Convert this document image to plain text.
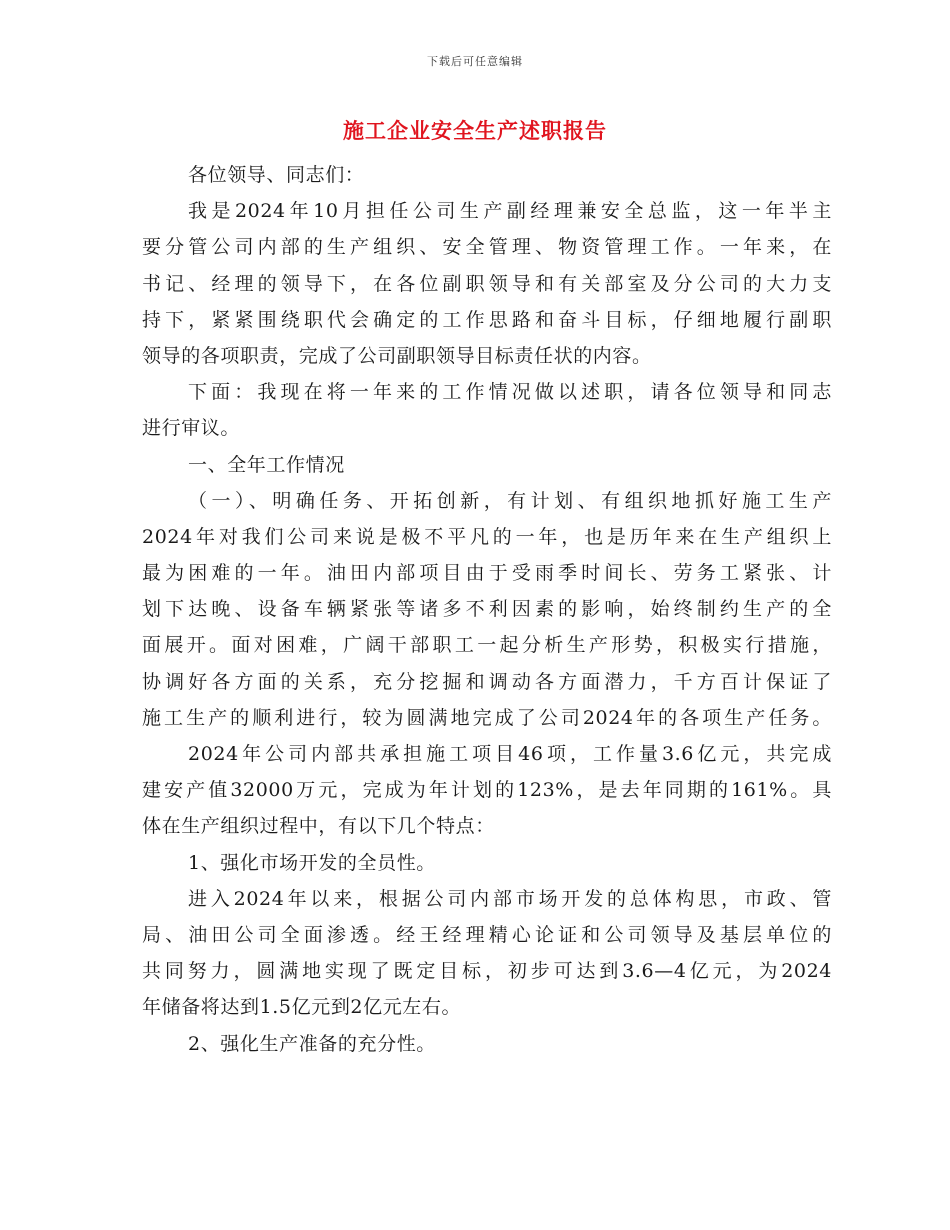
下载后可任意编辑
施工企业安全生产述职报告
各位领导、同志们：
我是2024年10月担任公司生产副经理兼安全总监，这一年半主
要分管公司内部的生产组织、安全管理、物资管理工作。一年来，在
书记、经理的领导下，在各位副职领导和有关部室及分公司的大力支
持下，紧紧围绕职代会确定的工作思路和奋斗目标，仔细地履行副职
领导的各项职责，完成了公司副职领导目标责任状的内容。
下面：我现在将一年来的工作情况做以述职，请各位领导和同志
进行审议。
一、全年工作情况
（一）、明确任务、开拓创新，有计划、有组织地抓好施工生产
2024年对我们公司来说是极不平凡的一年，也是历年来在生产组织上
最为困难的一年。油田内部项目由于受雨季时间长、劳务工紧张、计
划下达晚、设备车辆紧张等诸多不利因素的影响，始终制约生产的全
面展开。面对困难，广阔干部职工一起分析生产形势，积极实行措施，
协调好各方面的关系，充分挖掘和调动各方面潜力，千方百计保证了
施工生产的顺利进行，较为圆满地完成了公司2024年的各项生产任务。
2024年公司内部共承担施工项目46项，工作量3.6亿元，共完成
建安产值32000万元，完成为年计划的123%，是去年同期的161%。具
体在生产组织过程中，有以下几个特点：
1、强化市场开发的全员性。
进入2024年以来，根据公司内部市场开发的总体构思，市政、管
局、油田公司全面渗透。经王经理精心论证和公司领导及基层单位的
共同努力，圆满地实现了既定目标，初步可达到3.6—4亿元，为2024
年储备将达到1.5亿元到2亿元左右。
2、强化生产准备的充分性。
